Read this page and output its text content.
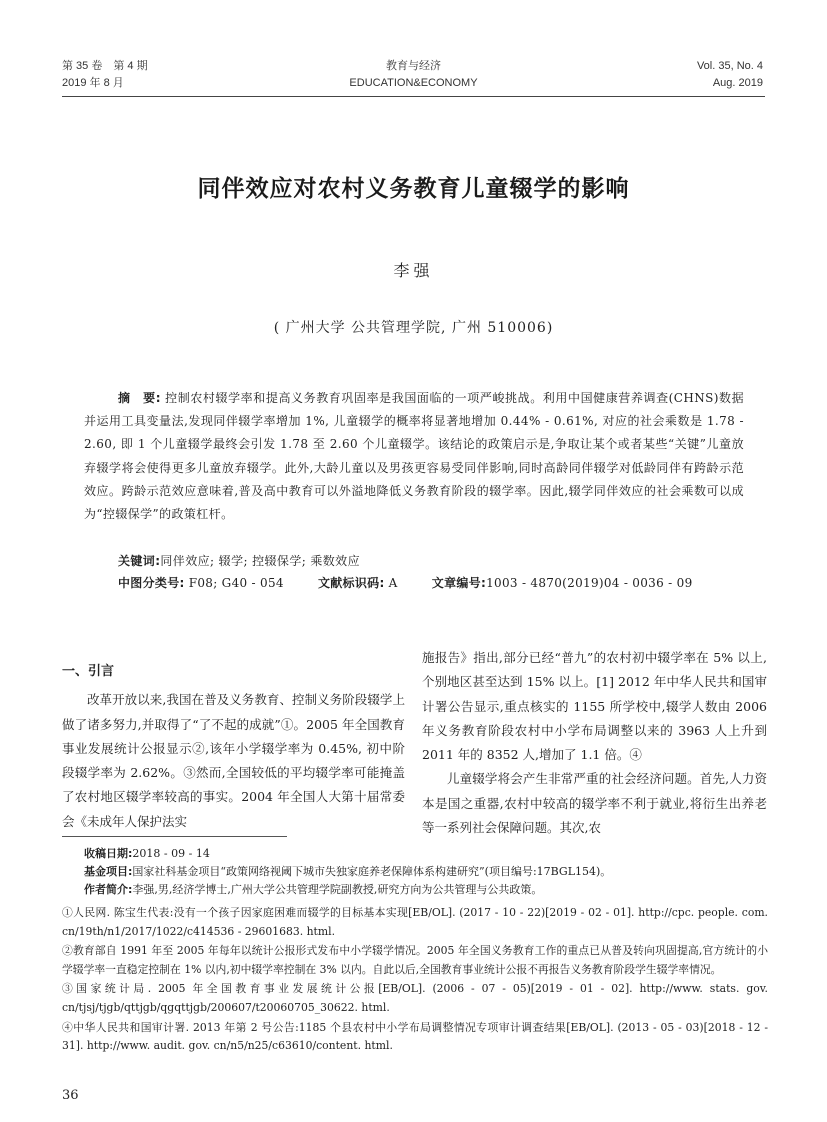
第 35 卷　第 4 期
2019 年 8 月
教育与经济
EDUCATION&ECONOMY
Vol. 35, No. 4
Aug. 2019
同伴效应对农村义务教育儿童辍学的影响
李强
( 广州大学 公共管理学院, 广州 510006)
摘　要: 控制农村辍学率和提高义务教育巩固率是我国面临的一项严峻挑战。利用中国健康营养调查(CHNS)数据并运用工具变量法,发现同伴辍学率增加 1%, 儿童辍学的概率将显著地增加 0.44% - 0.61%, 对应的社会乘数是 1.78 - 2.60, 即 1 个儿童辍学最终会引发 1.78 至 2.60 个儿童辍学。该结论的政策启示是,争取让某个或者某些“关键”儿童放弃辍学将会使得更多儿童放弃辍学。此外,大龄儿童以及男孩更容易受同伴影响,同时高龄同伴辍学对低龄同伴有跨龄示范效应。跨龄示范效应意味着,普及高中教育可以外溢地降低义务教育阶段的辍学率。因此,辍学同伴效应的社会乘数可以成为“控辍保学”的政策杠杆。
关键词:同伴效应; 辍学; 控辍保学; 乘数效应
中图分类号: F08; G40 - 054	文献标识码: A	文章编号:1003 - 4870(2019)04 - 0036 - 09
一、引言

改革开放以来,我国在普及义务教育、控制义务阶段辍学上做了诸多努力,并取得了“了不起的成就”①。2005 年全国教育事业发展统计公报显示②,该年小学辍学率为 0.45%, 初中阶段辍学率为 2.62%。③然而,全国较低的平均辍学率可能掩盖了农村地区辍学率较高的事实。2004 年全国人大第十届常委会《未成年人保护法实

施报告》指出,部分已经“普九”的农村初中辍学率在 5% 以上,个别地区甚至达到 15% 以上。[1] 2012 年中华人民共和国审计署公告显示,重点核实的 1155 所学校中,辍学人数由 2006 年义务教育阶段农村中小学布局调整以来的 3963 人上升到 2011 年的 8352 人,增加了 1.1 倍。④

儿童辍学将会产生非常严重的社会经济问题。首先,人力资本是国之重器,农村中较高的辍学率不利于就业,将衍生出养老等一系列社会保障问题。其次,农

收稿日期:2018 - 09 - 14
基金项目:国家社科基金项目“政策网络视阈下城市失独家庭养老保障体系构建研究”(项目编号:17BGL154)。
作者简介:李强,男,经济学博士,广州大学公共管理学院副教授,研究方向为公共管理与公共政策。

①人民网. 陈宝生代表:没有一个孩子因家庭困难而辍学的目标基本实现[EB/OL]. (2017 - 10 - 22)[2019 - 02 - 01]. http://cpc. people. com. cn/19th/n1/2017/1022/c414536 - 29601683. html.

②教育部自 1991 年至 2005 年每年以统计公报形式发布中小学辍学情况。2005 年全国义务教育工作的重点已从普及转向巩固提高,官方统计的小学辍学率一直稳定控制在 1% 以内,初中辍学率控制在 3% 以内。自此以后,全国教育事业统计公报不再报告义务教育阶段学生辍学率情况。

③国家统计局. 2005 年全国教育事业发展统计公报[EB/OL]. (2006 - 07 - 05)[2019 - 01 - 02]. http://www. stats. gov. cn/tjsj/tjgb/qttjgb/qgqttjgb/200607/t20060705_30622. html.

④中华人民共和国审计署. 2013 年第 2 号公告:1185 个县农村中小学布局调整情况专项审计调查结果[EB/OL]. (2013 - 05 - 03)[2018 - 12 - 31]. http://www. audit. gov. cn/n5/n25/c63610/content. html.

36
